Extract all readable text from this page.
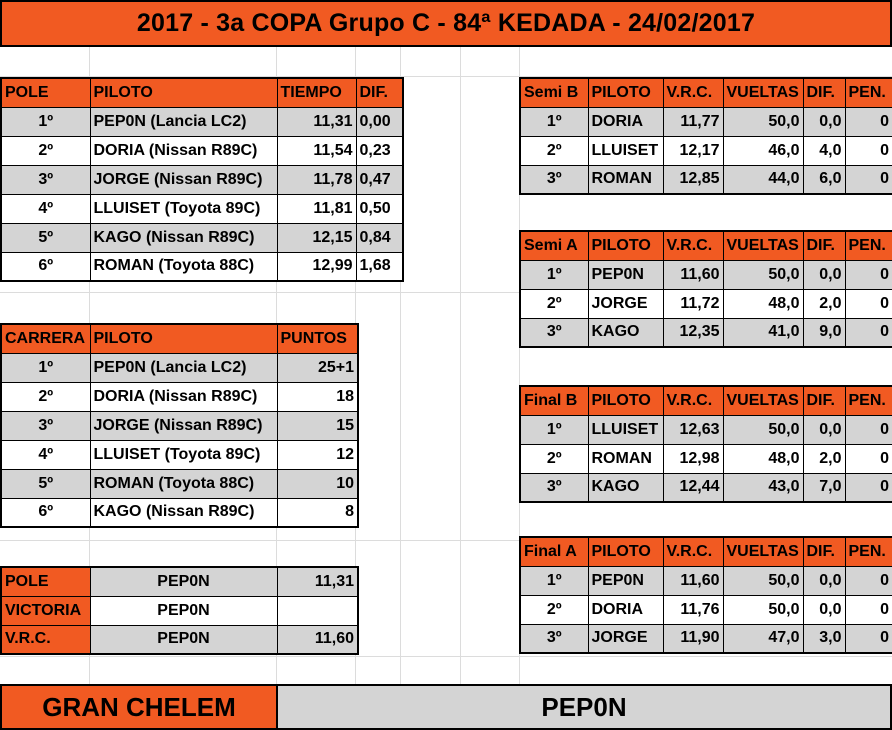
2017 - 3a COPA Grupo C - 84ª KEDADA - 24/02/2017
POLE	PILOTO	TIEMPO	DIF.
1º	PEP0N (Lancia LC2)	11,31	0,00
2º	DORIA (Nissan R89C)	11,54	0,23
3º	JORGE (Nissan R89C)	11,78	0,47
4º	LLUISET (Toyota 89C)	11,81	0,50
5º	KAGO (Nissan R89C)	12,15	0,84
6º	ROMAN (Toyota 88C)	12,99	1,68
CARRERA	PILOTO	PUNTOS
1º	PEP0N (Lancia LC2)	25+1
2º	DORIA (Nissan R89C)	18
3º	JORGE (Nissan R89C)	15
4º	LLUISET (Toyota 89C)	12
5º	ROMAN (Toyota 88C)	10
6º	KAGO (Nissan R89C)	8
POLE	PEP0N	11,31
VICTORIA	PEP0N	
V.R.C.	PEP0N	11,60
Semi B	PILOTO	V.R.C.	VUELTAS	DIF.	PEN.
1º	DORIA	11,77	50,0	0,0	0
2º	LLUISET	12,17	46,0	4,0	0
3º	ROMAN	12,85	44,0	6,0	0
Semi A	PILOTO	V.R.C.	VUELTAS	DIF.	PEN.
1º	PEP0N	11,60	50,0	0,0	0
2º	JORGE	11,72	48,0	2,0	0
3º	KAGO	12,35	41,0	9,0	0
Final B	PILOTO	V.R.C.	VUELTAS	DIF.	PEN.
1º	LLUISET	12,63	50,0	0,0	0
2º	ROMAN	12,98	48,0	2,0	0
3º	KAGO	12,44	43,0	7,0	0
Final A	PILOTO	V.R.C.	VUELTAS	DIF.	PEN.
1º	PEP0N	11,60	50,0	0,0	0
2º	DORIA	11,76	50,0	0,0	0
3º	JORGE	11,90	47,0	3,0	0
GRAN CHELEM	PEP0N
